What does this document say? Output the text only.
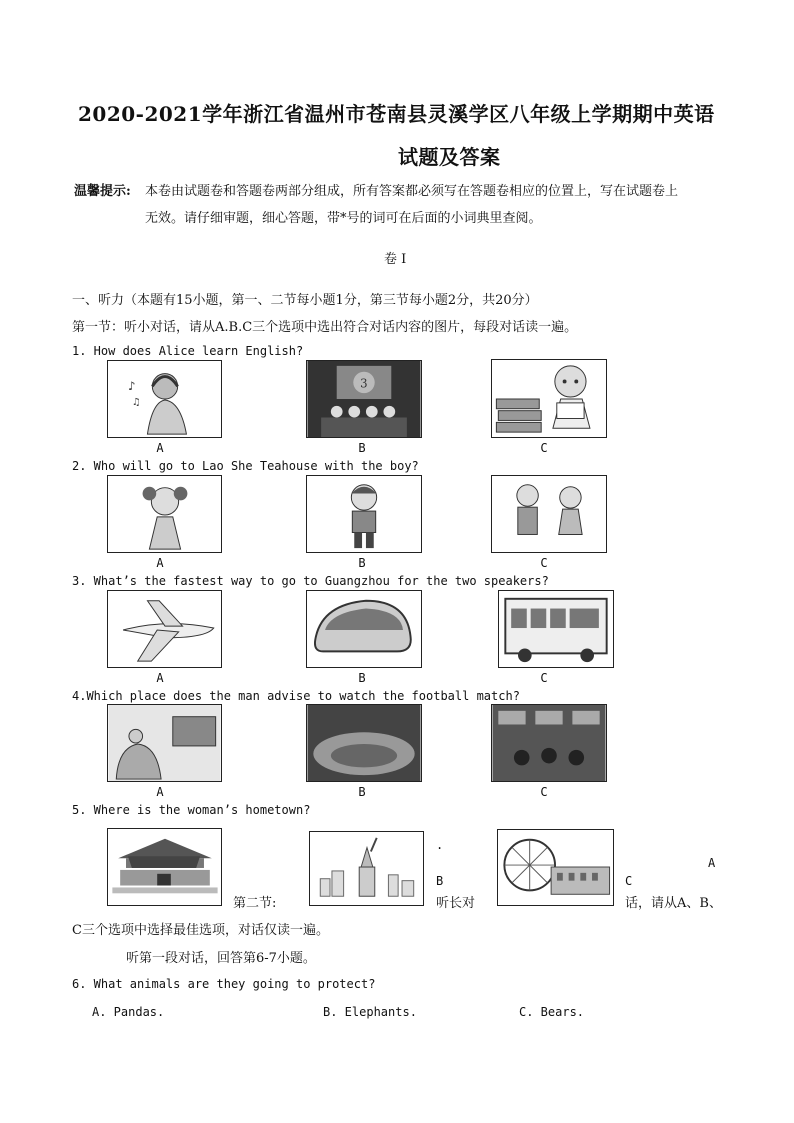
2020-2021学年浙江省温州市苍南县灵溪学区八年级上学期期中英语
试题及答案
温馨提示: 本卷由试题卷和答题卷两部分组成，所有答案都必须写在答题卷相应的位置上，写在试题卷上
无效。请仔细审题，细心答题，带*号的词可在后面的小词典里查阅。
卷 I
一、听力（本题有15小题，第一、二节每小题1分，第三节每小题2分，共20分）
第一节：听小对话，请从A.B.C三个选项中选出符合对话内容的图片，每段对话读一遍。
1. How does Alice learn English?
♪
♫
3
A	B	C
2. Who will go to Lao She Teahouse with the boy?
A	B	C
3. What’s the fastest way to go to Guangzhou for the two speakers?
A	B	C
4.Which place does the man advise to watch the football match?
A	B	C
5. Where is the woman’s hometown?
.
A
第二节:
B	C
听长对	话，请从A、B、
C三个选项中选择最佳选项，对话仅读一遍。
听第一段对话，回答第6-7小题。
6. What animals are they going to protect?
A. Pandas.	B. Elephants.	C. Bears.
